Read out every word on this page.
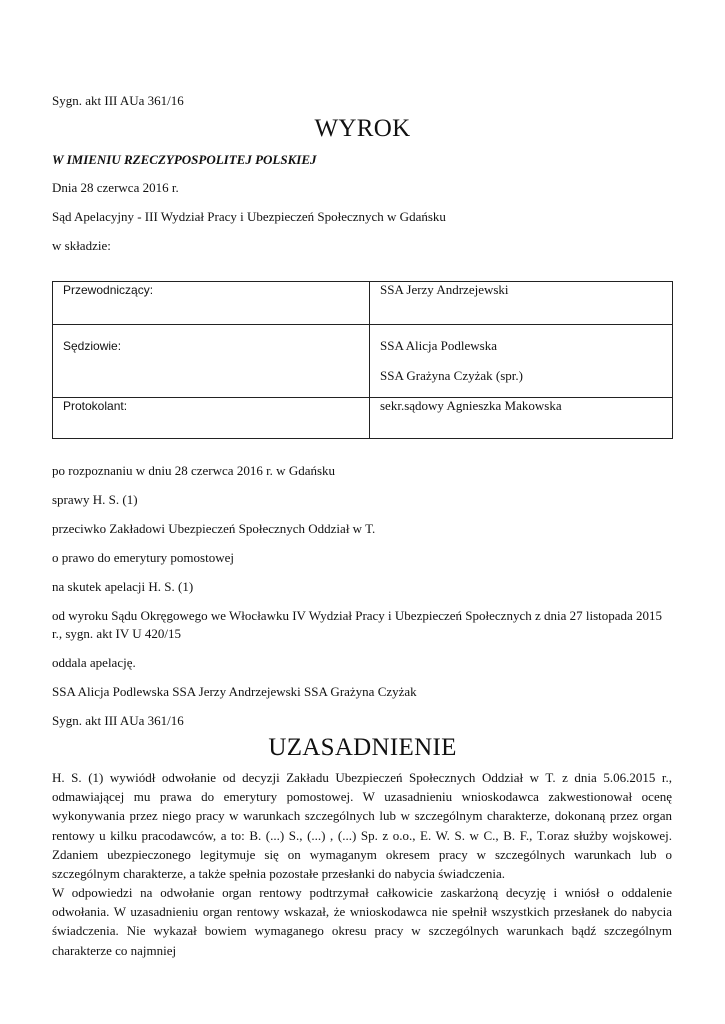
Sygn. akt III AUa 361/16
WYROK
W IMIENIU RZECZYPOSPOLITEJ POLSKIEJ
Dnia 28 czerwca 2016 r.
Sąd Apelacyjny - III Wydział Pracy i Ubezpieczeń Społecznych w Gdańsku
w składzie:

Przewodniczący:	SSA Jerzy Andrzejewski

Sędziowie:	SSA Alicja Podlewska

SSA Grażyna Czyżak (spr.)

Protokolant:	sekr.sądowy Agnieszka Makowska

po rozpoznaniu w dniu 28 czerwca 2016 r. w Gdańsku
sprawy H. S. (1)
przeciwko Zakładowi Ubezpieczeń Społecznych Oddział w T.
o prawo do emerytury pomostowej
na skutek apelacji H. S. (1)
od wyroku Sądu Okręgowego we Włocławku IV Wydział Pracy i Ubezpieczeń Społecznych z dnia 27 listopada 2015
r., sygn. akt IV U 420/15
oddala apelację.
SSA Alicja Podlewska SSA Jerzy Andrzejewski SSA Grażyna Czyżak
Sygn. akt III AUa 361/16
UZASADNIENIE

H. S. (1) wywiódł odwołanie od decyzji Zakładu Ubezpieczeń Społecznych Oddział w T. z dnia 5.06.2015 r., odmawiającej mu prawa do emerytury pomostowej. W uzasadnieniu wnioskodawca zakwestionował ocenę wykonywania przez niego pracy w warunkach szczególnych lub w szczególnym charakterze, dokonaną przez organ rentowy u kilku pracodawców, a to: B. (...) S., (...) , (...) Sp. z o.o., E. W. S. w C., B. F., T.oraz służby wojskowej. Zdaniem ubezpieczonego legitymuje się on wymaganym okresem pracy w szczególnych warunkach lub o szczególnym charakterze, a także spełnia pozostałe przesłanki do nabycia świadczenia.

W odpowiedzi na odwołanie organ rentowy podtrzymał całkowicie zaskarżoną decyzję i wniósł o oddalenie odwołania. W uzasadnieniu organ rentowy wskazał, że wnioskodawca nie spełnił wszystkich przesłanek do nabycia świadczenia. Nie wykazał bowiem wymaganego okresu pracy w szczególnych warunkach bądź szczególnym charakterze co najmniej
